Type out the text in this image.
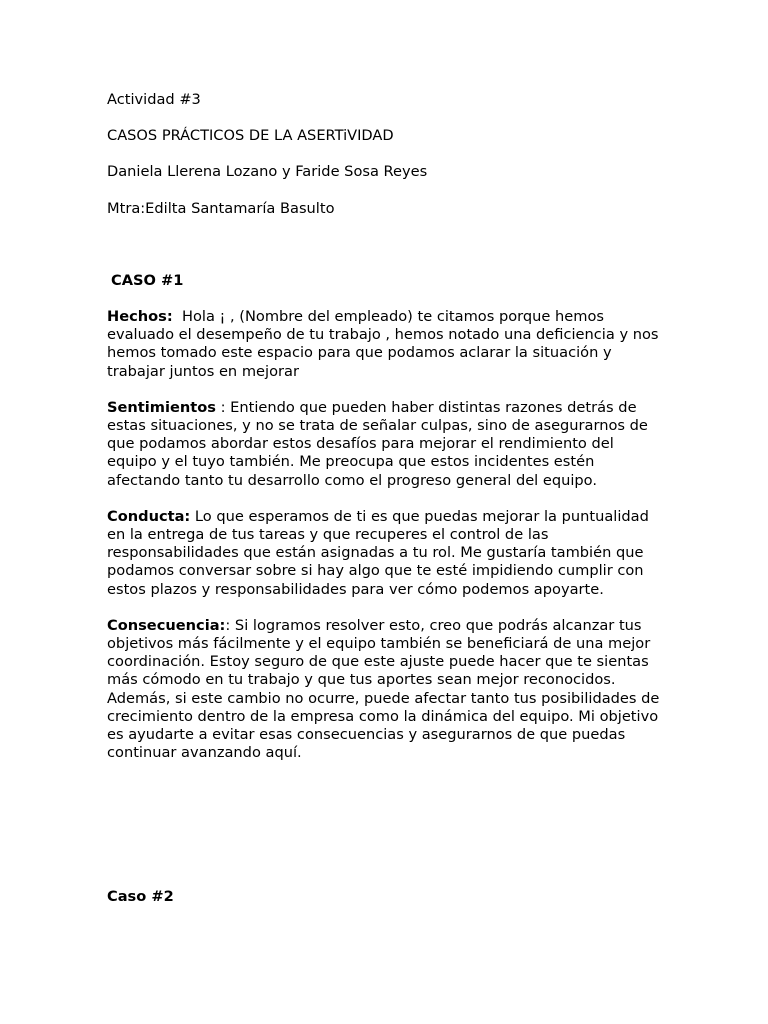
Actividad #3
CASOS PRÁCTICOS DE LA ASERTiVIDAD
Daniela Llerena Lozano y Faride Sosa Reyes
Mtra:Edilta Santamaría Basulto
CASO #1

Hechos:  Hola ¡ , (Nombre del empleado) te citamos porque hemos evaluado el desempeño de tu trabajo , hemos notado una deficiencia y nos hemos tomado este espacio para que podamos aclarar la situación y trabajar juntos en mejorar

Sentimientos : Entiendo que pueden haber distintas razones detrás de estas situaciones, y no se trata de señalar culpas, sino de asegurarnos de que podamos abordar estos desafíos para mejorar el rendimiento del equipo y el tuyo también. Me preocupa que estos incidentes estén afectando tanto tu desarrollo como el progreso general del equipo.

Conducta: Lo que esperamos de ti es que puedas mejorar la puntualidad en la entrega de tus tareas y que recuperes el control de las responsabilidades que están asignadas a tu rol. Me gustaría también que podamos conversar sobre si hay algo que te esté impidiendo cumplir con estos plazos y responsabilidades para ver cómo podemos apoyarte.

Consecuencia:: Si logramos resolver esto, creo que podrás alcanzar tus objetivos más fácilmente y el equipo también se beneficiará de una mejor coordinación. Estoy seguro de que este ajuste puede hacer que te sientas más cómodo en tu trabajo y que tus aportes sean mejor reconocidos. Además, si este cambio no ocurre, puede afectar tanto tus posibilidades de crecimiento dentro de la empresa como la dinámica del equipo. Mi objetivo es ayudarte a evitar esas consecuencias y asegurarnos de que puedas continuar avanzando aquí.

Caso #2
